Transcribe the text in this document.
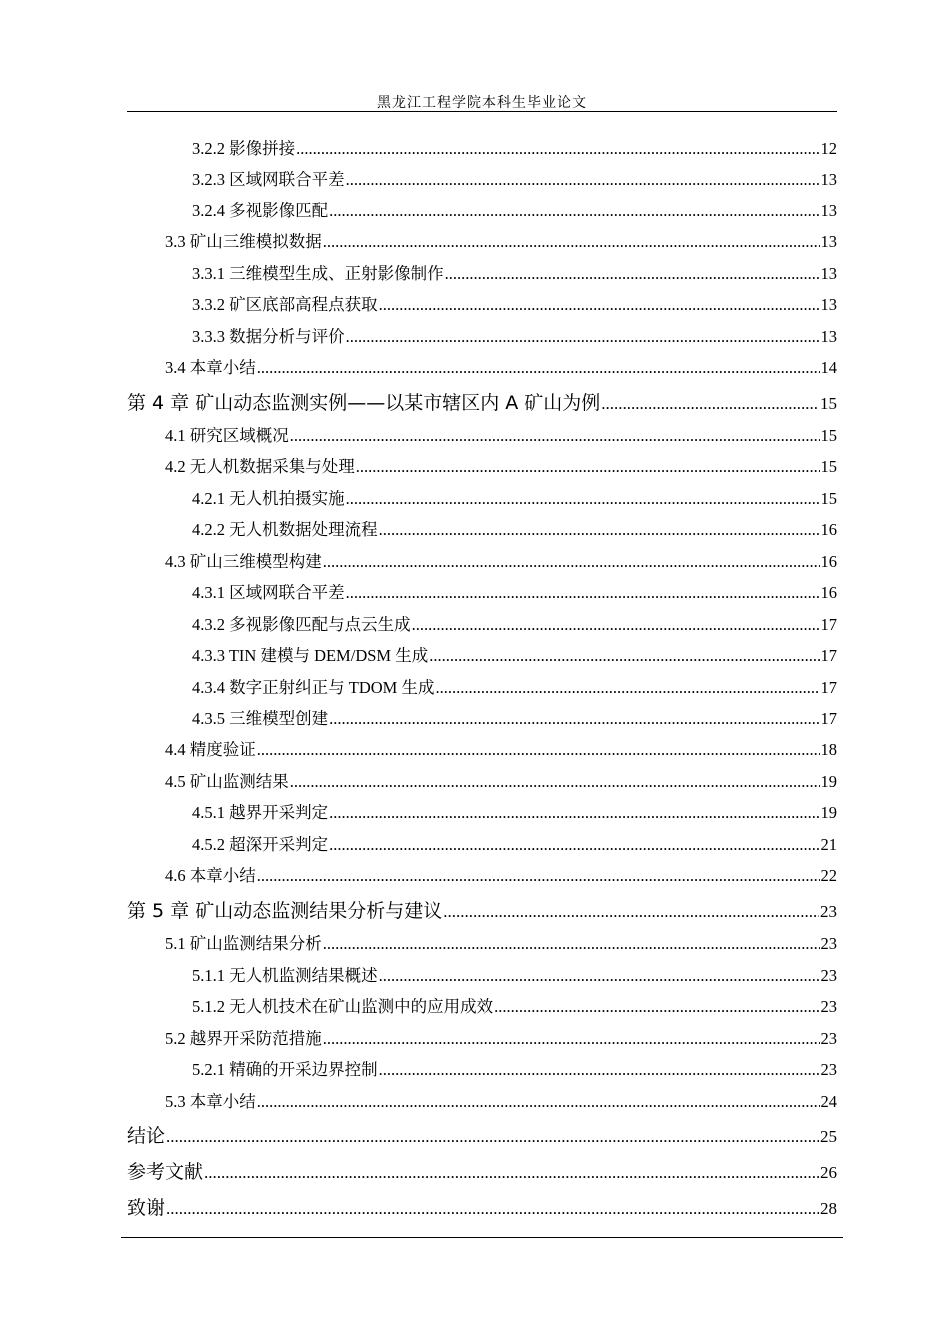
黑龙江工程学院本科生毕业论文
3.2.2 影像拼接 .....	12
3.2.3 区域网联合平差 .....	13
3.2.4 多视影像匹配 .....	13
3.3 矿山三维模拟数据 .....	13
3.3.1 三维模型生成、正射影像制作 .....	13
3.3.2 矿区底部高程点获取 .....	13
3.3.3 数据分析与评价 .....	13
3.4 本章小结 .....	14
第 4 章 矿山动态监测实例——以某市辖区内 A 矿山为例 .....	15
4.1 研究区域概况 .....	15
4.2 无人机数据采集与处理 .....	15
4.2.1 无人机拍摄实施 .....	15
4.2.2 无人机数据处理流程 .....	16
4.3 矿山三维模型构建 .....	16
4.3.1 区域网联合平差 .....	16
4.3.2 多视影像匹配与点云生成 .....	17
4.3.3 TIN 建模与 DEM/DSM 生成 .....	17
4.3.4 数字正射纠正与 TDOM 生成 .....	17
4.3.5 三维模型创建 .....	17
4.4 精度验证 .....	18
4.5 矿山监测结果 .....	19
4.5.1 越界开采判定 .....	19
4.5.2 超深开采判定 .....	21
4.6 本章小结 .....	22
第 5 章 矿山动态监测结果分析与建议 .....	23
5.1 矿山监测结果分析 .....	23
5.1.1 无人机监测结果概述 .....	23
5.1.2 无人机技术在矿山监测中的应用成效 .....	23
5.2 越界开采防范措施 .....	23
5.2.1 精确的开采边界控制 .....	23
5.3 本章小结 .....	24
结论 .....	25
参考文献 .....	26
致谢 .....	28
